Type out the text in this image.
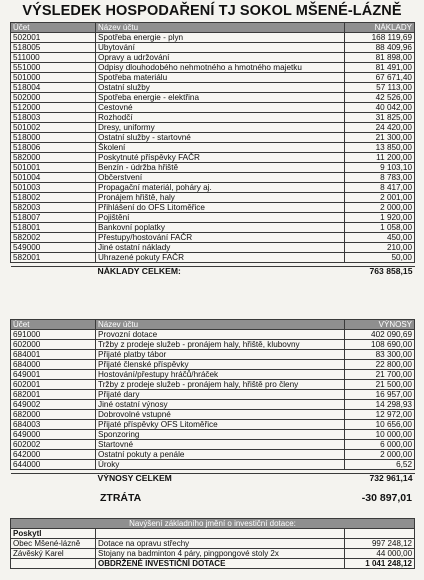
VÝSLEDEK HOSPODAŘENÍ TJ SOKOL MŠENÉ-LÁZNĚ
Účet	Název účtu	NÁKLADY
502001	Spotřeba energie - plyn	168 119,69
518005	Ubytování	88 409,96
511000	Opravy a udržování	81 898,00
551000	Odpisy dlouhodobého nehmotného a hmotného majetku	81 491,00
501000	Spotřeba materiálu	67 671,40
518004	Ostatní služby	57 113,00
502000	Spotřeba energie - elektřina	42 526,00
512000	Cestovné	40 042,00
518003	Rozhodčí	31 825,00
501002	Dresy, uniformy	24 420,00
518000	Ostatní služby - startovné	21 300,00
518006	Školení	13 850,00
582000	Poskytnuté příspěvky FAČR	11 200,00
501001	Benzín - údržba hřiště	9 103,10
501004	Občerstvení	8 783,00
501003	Propagační materiál, poháry aj.	8 417,00
518002	Pronájem hřiště, haly	2 001,00
582003	Přihlášení do OFS Litoměřice	2 000,00
518007	Pojištění	1 920,00
518001	Bankovní poplatky	1 058,00
582002	Přestupy/hostování FAČR	450,00
549000	Jiné ostatní náklady	210,00
582001	Uhrazené pokuty FAČR	50,00

	NÁKLADY CELKEM:	763 858,15
Účet	Název účtu	VÝNOSY
691000	Provozní dotace	402 090,69
602000	Tržby z prodeje služeb - pronájem haly, hřiště, klubovny	108 690,00
684001	Přijaté platby tábor	83 300,00
684000	Přijaté členské příspěvky	22 800,00
649001	Hostování/přestupy hráčů/hráček	21 700,00
602001	Tržby z prodeje služeb - pronájem haly, hřiště pro členy	21 500,00
682001	Přijaté dary	16 957,00
649002	Jiné ostatní výnosy	14 298,93
682000	Dobrovolné vstupné	12 972,00
684003	Přijaté příspěvky OFS Litoměřice	10 656,00
649000	Sponzoring	10 000,00
602002	Startovné	6 000,00
642000	Ostatní pokuty a penále	2 000,00
644000	Úroky	6,52

	VÝNOSY CELKEM	732 961,14
ZTRÁTA	-30 897,01
Navýšení základního jmění o investiční dotace:		
Poskytl		
Obec Mšené-lázně	Dotace na opravu střechy	997 248,12
Závěský Karel	Stojany na badminton 4 páry, pingpongové stoly 2x	44 000,00
	OBDRŽENÉ INVESTIČNÍ DOTACE	1 041 248,12
